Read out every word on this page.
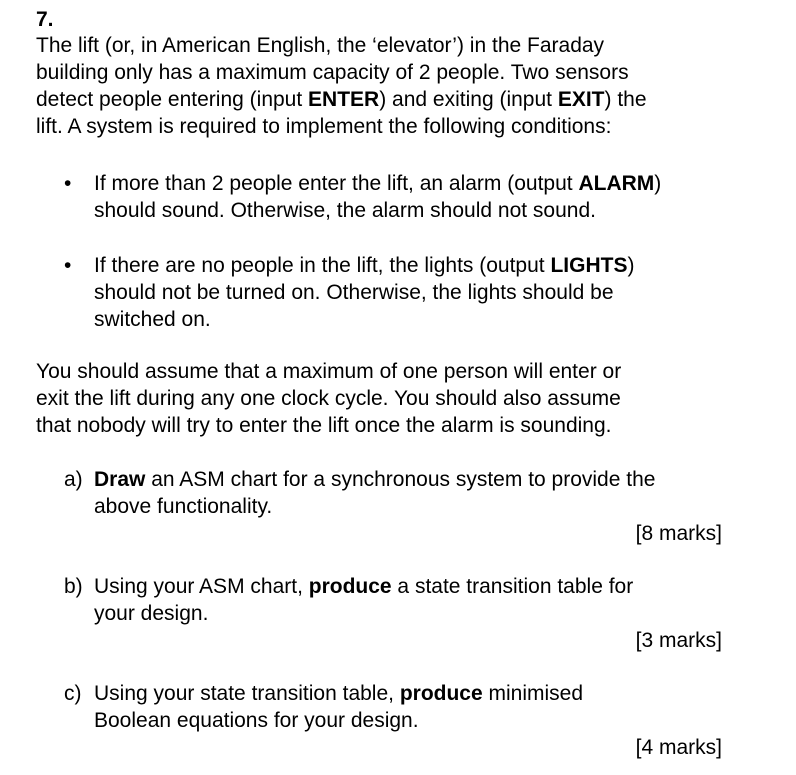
7.
The lift (or, in American English, the ‘elevator’) in the Faraday
building only has a maximum capacity of 2 people. Two sensors
detect people entering (input ENTER) and exiting (input EXIT) the
lift. A system is required to implement the following conditions:
• If more than 2 people enter the lift, an alarm (output ALARM)
should sound. Otherwise, the alarm should not sound.
• If there are no people in the lift, the lights (output LIGHTS)
should not be turned on. Otherwise, the lights should be
switched on.
You should assume that a maximum of one person will enter or
exit the lift during any one clock cycle. You should also assume
that nobody will try to enter the lift once the alarm is sounding.
a) Draw an ASM chart for a synchronous system to provide the
above functionality.
[8 marks]
b) Using your ASM chart, produce a state transition table for
your design.
[3 marks]
c) Using your state transition table, produce minimised
Boolean equations for your design.
[4 marks]
